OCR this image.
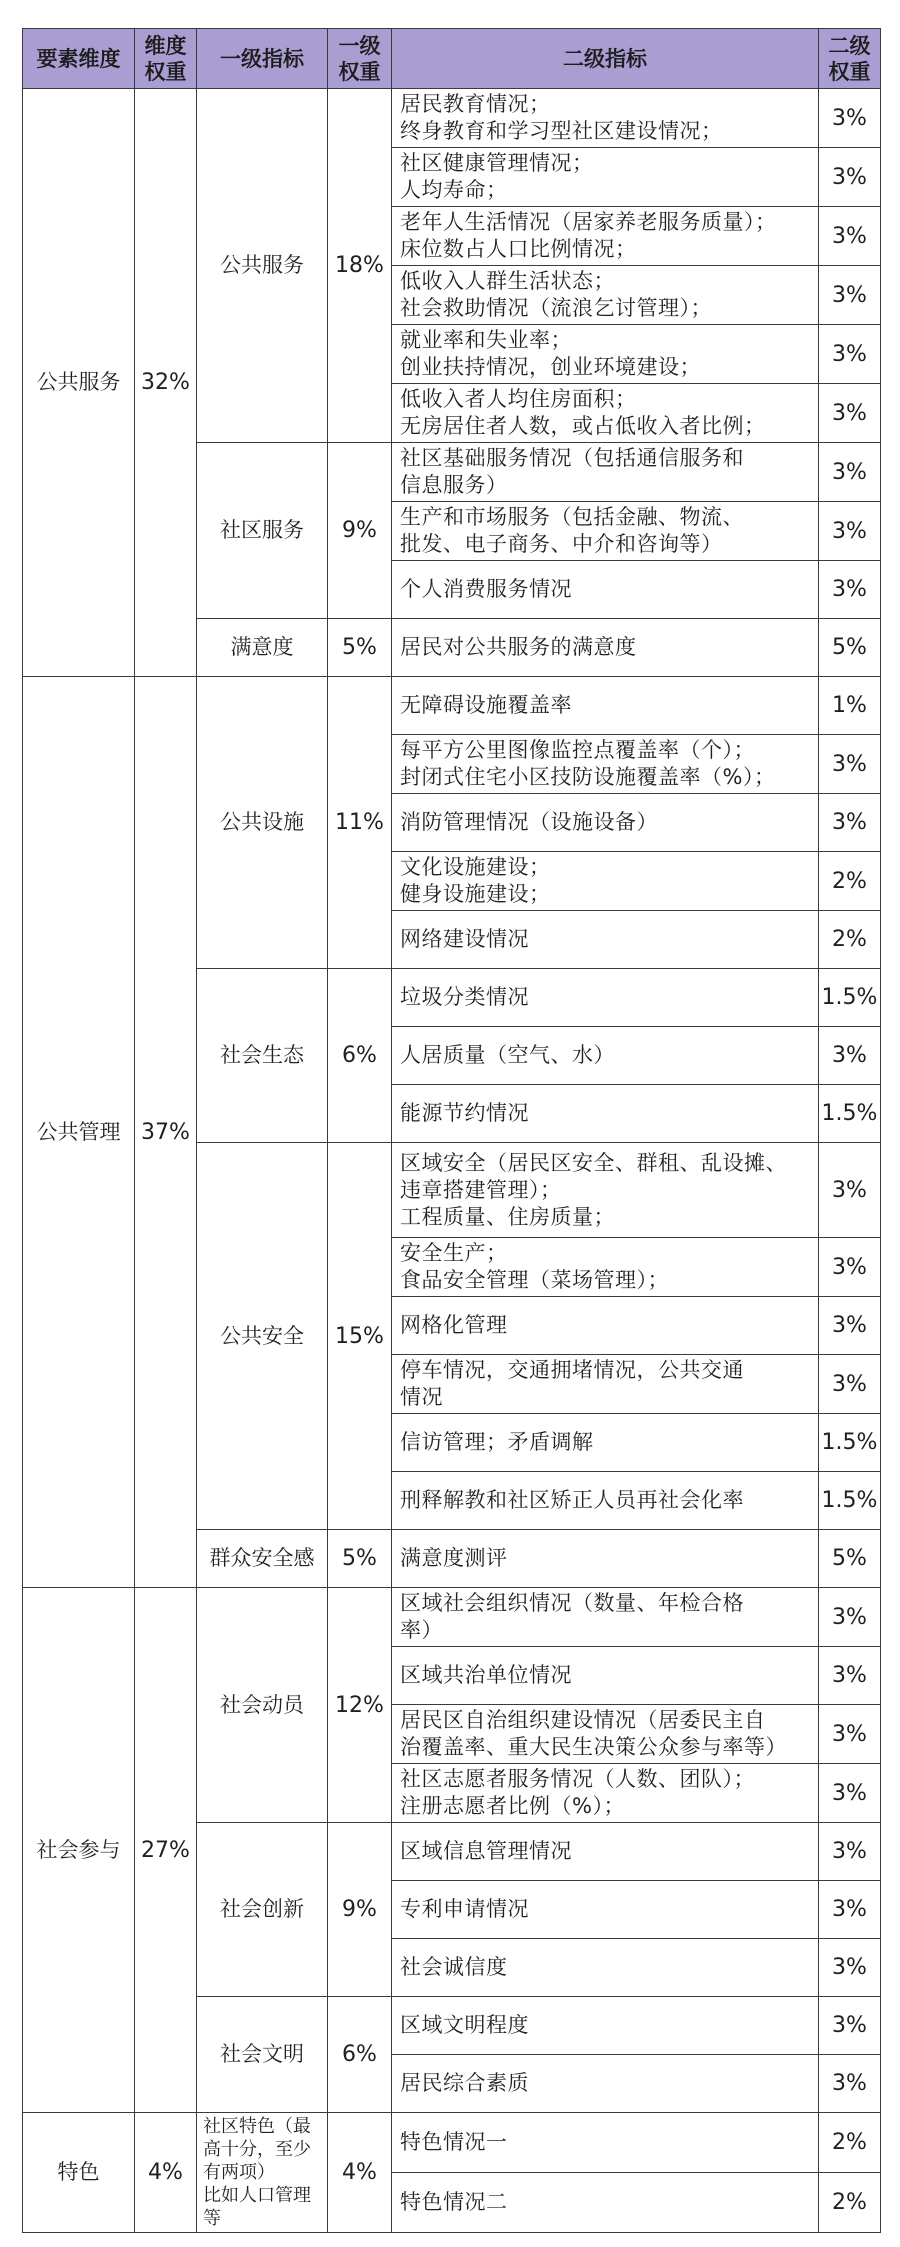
要素维度	维度权重	一级指标	一级权重	二级指标	二级权重
公共服务	32%	公共服务	18%	居民教育情况；
终身教育和学习型社区建设情况；	3%

				社区健康管理情况；
人均寿命；	3%

				老年人生活情况（居家养老服务质量）；
床位数占人口比例情况；	3%

				低收入人群生活状态；
社会救助情况（流浪乞讨管理）；	3%

				就业率和失业率；
创业扶持情况，创业环境建设；	3%

				低收入者人均住房面积；
无房居住者人数，或占低收入者比例；	3%
		社区服务	9%	社区基础服务情况（包括通信服务和
信息服务）	3%

				生产和市场服务（包括金融、物流、
批发、电子商务、中介和咨询等）	3%

				个人消费服务情况	3%
		满意度	5%	居民对公共服务的满意度	5%
公共管理	37%	公共设施	11%	无障碍设施覆盖率	1%

				每平方公里图像监控点覆盖率（个）；
封闭式住宅小区技防设施覆盖率（%）；	3%

				消防管理情况（设施设备）	3%

				文化设施建设；
健身设施建设；	2%

				网络建设情况	2%
		社会生态	6%	垃圾分类情况	1.5%

				人居质量（空气、水）	3%

				能源节约情况	1.5%
		公共安全	15%	区域安全（居民区安全、群租、乱设摊、
违章搭建管理）；
工程质量、住房质量；	3%

				安全生产；
食品安全管理（菜场管理）；	3%

				网格化管理	3%

				停车情况，交通拥堵情况，公共交通
情况	3%

				信访管理；矛盾调解	1.5%

				刑释解教和社区矫正人员再社会化率	1.5%
		群众安全感	5%	满意度测评	5%
社会参与	27%	社会动员	12%	区域社会组织情况（数量、年检合格
率）	3%

				区域共治单位情况	3%

				居民区自治组织建设情况（居委民主自
治覆盖率、重大民生决策公众参与率等）	3%

				社区志愿者服务情况（人数、团队）；
注册志愿者比例（%）；	3%
		社会创新	9%	区域信息管理情况	3%

				专利申请情况	3%

				社会诚信度	3%
		社会文明	6%	区域文明程度	3%

				居民综合素质	3%
特色	4%	社区特色（最
高十分，至少
有两项）
比如人口管理等	4%	特色情况一	2%

				特色情况二	2%
